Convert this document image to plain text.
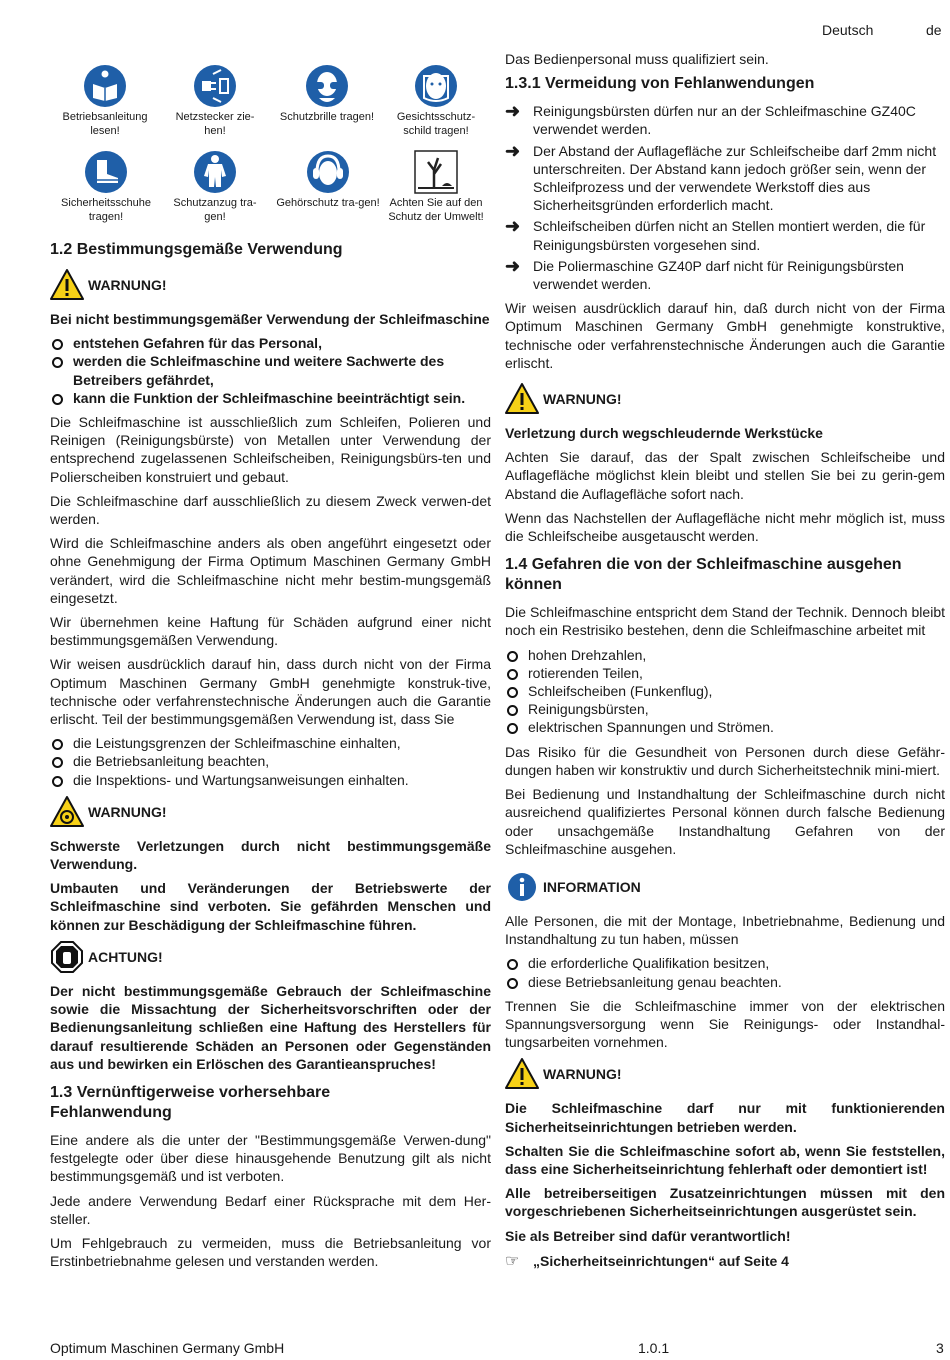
Deutsch	de
Betriebsanleitung lesen!
Netzstecker zie-hen!
Schutzbrille tragen!	Gesichtsschutz-schild tragen!
Sicherheitsschuhe tragen!
Schutzanzug tra-gen!
Gehörschutz tra-gen! Achten Sie auf den Schutz der Umwelt!
1.2 Bestimmungsgemäße Verwendung
WARNUNG!

Bei nicht bestimmungsgemäßer Verwendung der Schleifmaschine

entstehen Gefahren für das Personal,
werden die Schleifmaschine und weitere Sachwerte des Betreibers gefährdet,
kann die Funktion der Schleifmaschine beeinträchtigt sein.

Die Schleifmaschine ist ausschließlich zum Schleifen, Polieren und Reinigen (Reinigungsbürste) von Metallen unter Verwendung der entsprechend zugelassenen Schleifscheiben, Reinigungsbürs-ten und Polierscheiben konstruiert und gebaut.

Die Schleifmaschine darf ausschließlich zu diesem Zweck verwen-det werden.

Wird die Schleifmaschine anders als oben angeführt eingesetzt oder ohne Genehmigung der Firma Optimum Maschinen Germany GmbH verändert, wird die Schleifmaschine nicht mehr bestim-mungsgemäß eingesetzt.

Wir übernehmen keine Haftung für Schäden aufgrund einer nicht bestimmungsgemäßen Verwendung.

Wir weisen ausdrücklich darauf hin, dass durch nicht von der Firma Optimum Maschinen Germany GmbH genehmigte konstruk-tive, technische oder verfahrenstechnische Änderungen auch die Garantie erlischt. Teil der bestimmungsgemäßen Verwendung ist, dass Sie

die Leistungsgrenzen der Schleifmaschine einhalten,
die Betriebsanleitung beachten,
die Inspektions- und Wartungsanweisungen einhalten.
WARNUNG!

Schwerste Verletzungen durch nicht bestimmungsgemäße Verwendung.

Umbauten und Veränderungen der Betriebswerte der Schleifmaschine sind verboten. Sie gefährden Menschen und können zur Beschädigung der Schleifmaschine führen.

ACHTUNG!

Der nicht bestimmungsgemäße Gebrauch der Schleifmaschine sowie die Missachtung der Sicherheitsvorschriften oder der Bedienungsanleitung schließen eine Haftung des Herstellers für darauf resultierende Schäden an Personen oder Gegenständen aus und bewirken ein Erlöschen des Garantieanspruches!

1.3 Vernünftigerweise vorhersehbare
Fehlanwendung

Eine andere als die unter der "Bestimmungsgemäße Verwen-dung" festgelegte oder über diese hinausgehende Benutzung gilt als nicht bestimmungsgemäß und ist verboten.

Jede andere Verwendung Bedarf einer Rücksprache mit dem Her-steller.

Um Fehlgebrauch zu vermeiden, muss die Betriebsanleitung vor Erstinbetriebnahme gelesen und verstanden werden.

Das Bedienpersonal muss qualifiziert sein.

1.3.1 Vermeidung von Fehlanwendungen
➜ Reinigungsbürsten dürfen nur an der Schleifmaschine GZ40C verwendet werden.
➜ Der Abstand der Auflagefläche zur Schleifscheibe darf 2mm nicht unterschreiten. Der Abstand kann jedoch größer sein, wenn der Schleifprozess und der verwendete Werkstoff dies aus Sicherheitsgründen erforderlich macht.
➜ Schleifscheiben dürfen nicht an Stellen montiert werden, die für Reinigungsbürsten vorgesehen sind.
➜ Die Poliermaschine GZ40P darf nicht für Reinigungsbürsten verwendet werden.

Wir weisen ausdrücklich darauf hin, daß durch nicht von der Firma Optimum Maschinen Germany GmbH genehmigte konstruktive, technische oder verfahrenstechnische Änderungen auch die Garantie erlischt.

WARNUNG!

Verletzung durch wegschleudernde Werkstücke

Achten Sie darauf, das der Spalt zwischen Schleifscheibe und Auflagefläche möglichst klein bleibt und stellen Sie bei zu gerin-gem Abstand die Auflagefläche sofort nach.

Wenn das Nachstellen der Auflagefläche nicht mehr möglich ist, muss die Schleifscheibe ausgetauscht werden.

1.4 Gefahren die von der Schleifmaschine ausgehen können

Die Schleifmaschine entspricht dem Stand der Technik. Dennoch bleibt noch ein Restrisiko bestehen, denn die Schleifmaschine arbeitet mit

hohen Drehzahlen,
rotierenden Teilen,
Schleifscheiben (Funkenflug),
Reinigungsbürsten,
elektrischen Spannungen und Strömen.

Das Risiko für die Gesundheit von Personen durch diese Gefähr-dungen haben wir konstruktiv und durch Sicherheitstechnik mini-miert.

Bei Bedienung und Instandhaltung der Schleifmaschine durch nicht ausreichend qualifiziertes Personal können durch falsche Bedienung oder unsachgemäße Instandhaltung Gefahren von der Schleifmaschine ausgehen.

INFORMATION

Alle Personen, die mit der Montage, Inbetriebnahme, Bedienung und Instandhaltung zu tun haben, müssen

die erforderliche Qualifikation besitzen,
diese Betriebsanleitung genau beachten.

Trennen Sie die Schleifmaschine immer von der elektrischen Spannungsversorgung wenn Sie Reinigungs- oder Instandhal-tungsarbeiten vornehmen.

WARNUNG!

Die Schleifmaschine darf nur mit funktionierenden Sicherheitseinrichtungen betrieben werden.

Schalten Sie die Schleifmaschine sofort ab, wenn Sie feststellen, dass eine Sicherheitseinrichtung fehlerhaft oder demontiert ist!

Alle betreiberseitigen Zusatzeinrichtungen müssen mit den vorgeschriebenen Sicherheitseinrichtungen ausgerüstet sein.

Sie als Betreiber sind dafür verantwortlich!

☞ „Sicherheitseinrichtungen“ auf Seite 4
Optimum Maschinen Germany GmbH	1.0.1	3
